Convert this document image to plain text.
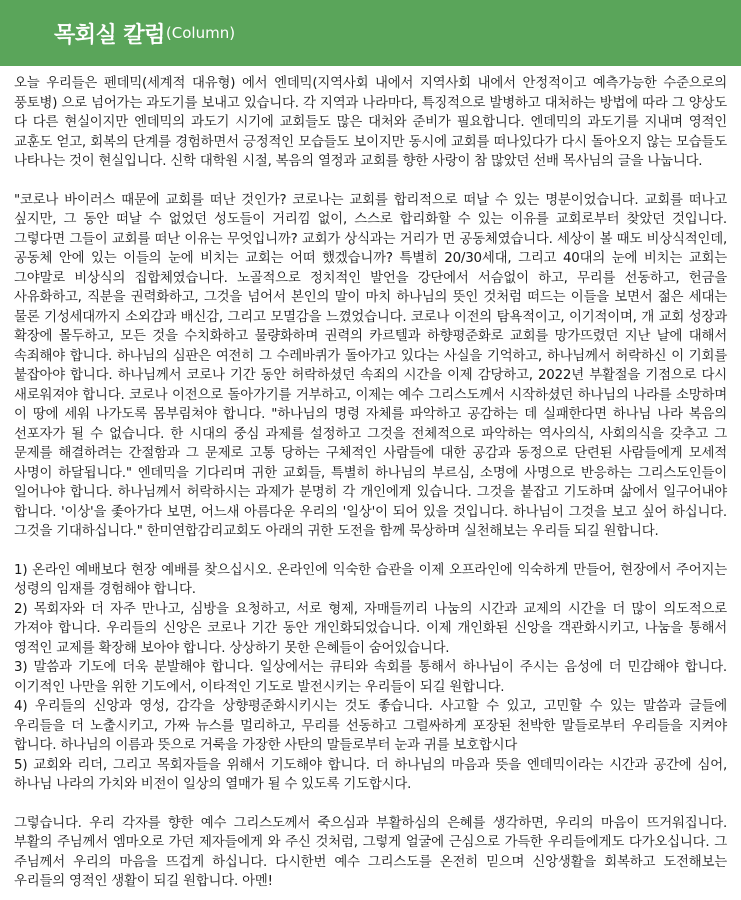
목회실 칼럼 (Column)

오늘 우리들은 펜데믹(세계적 대유형) 에서 엔데믹(지역사회 내에서 지역사회 내에서 안정적이고 예측가능한 수준으로의 풍토병) 으로 넘어가는 과도기를 보내고 있습니다. 각 지역과 나라마다, 특징적으로 발병하고 대처하는 방법에 따라 그 양상도 다 다른 현실이지만 엔데믹의 과도기 시기에 교회들도 많은 대처와 준비가 필요합니다. 엔데믹의 과도기를 지내며 영적인 교훈도 얻고, 회복의 단계를 경험하면서 긍정적인 모습들도 보이지만 동시에 교회를 떠나있다가 다시 돌아오지 않는 모습들도 나타나는 것이 현실입니다. 신학 대학원 시절, 복음의 열정과 교회를 향한 사랑이 참 많았던 선배 목사님의 글을 나눕니다.

"코로나 바이러스 때문에 교회를 떠난 것인가? 코로나는 교회를 합리적으로 떠날 수 있는 명분이었습니다. 교회를 떠나고 싶지만, 그 동안 떠날 수 없었던 성도들이 거리낌 없이, 스스로 합리화할 수 있는 이유를 교회로부터 찾았던 것입니다. 그렇다면 그들이 교회를 떠난 이유는 무엇입니까? 교회가 상식과는 거리가 먼 공동체였습니다. 세상이 볼 때도 비상식적인데, 공동체 안에 있는 이들의 눈에 비치는 교회는 어떠 했겠습니까? 특별히 20/30세대, 그리고 40대의 눈에 비치는 교회는 그야말로 비상식의 집합체였습니다. 노골적으로 정치적인 발언을 강단에서 서슴없이 하고, 무리를 선동하고, 헌금을 사유화하고, 직분을 권력화하고, 그것을 넘어서 본인의 말이 마치 하나님의 뜻인 것처럼 떠드는 이들을 보면서 젊은 세대는 물론 기성세대까지 소외감과 배신감, 그리고 모멸감을 느꼈었습니다. 코로나 이전의 탐욕적이고, 이기적이며, 개 교회 성장과 확장에 몰두하고, 모든 것을 수치화하고 물량화하며 권력의 카르텔과 하향평준화로 교회를 망가뜨렸던 지난 날에 대해서 속죄해야 합니다. 하나님의 심판은 여전히 그 수레바퀴가 돌아가고 있다는 사실을 기억하고, 하나님께서 허락하신 이 기회를 붙잡아야 합니다. 하나님께서 코로나 기간 동안 허락하셨던 속죄의 시간을 이제 감당하고, 2022년 부활절을 기점으로 다시 새로워져야 합니다. 코로나 이전으로 돌아가기를 거부하고, 이제는 예수 그리스도께서 시작하셨던 하나님의 나라를 소망하며 이 땅에 세워 나가도록 몸부림쳐야 합니다. "하나님의 명령 자체를 파악하고 공감하는 데 실패한다면 하나님 나라 복음의 선포자가 될 수 없습니다. 한 시대의 중심 과제를 설정하고 그것을 전체적으로 파악하는 역사의식, 사회의식을 갖추고 그 문제를 해결하려는 간절함과 그 문제로 고통 당하는 구체적인 사람들에 대한 공감과 동정으로 단련된 사람들에게 모세적 사명이 하달됩니다." 엔데믹을 기다리며 귀한 교회들, 특별히 하나님의 부르심, 소명에 사명으로 반응하는 그리스도인들이 일어나야 합니다. 하나님께서 허락하시는 과제가 분명히 각 개인에게 있습니다. 그것을 붙잡고 기도하며 삶에서 일구어내야 합니다. '이상'을 좇아가다 보면, 어느새 아름다운 우리의 '일상'이 되어 있을 것입니다. 하나님이 그것을 보고 싶어 하십니다. 그것을 기대하십니다." 한미연합감리교회도 아래의 귀한 도전을 함께 묵상하며 실천해보는 우리들 되길 원합니다.

1) 온라인 예배보다 현장 예배를 찾으십시오. 온라인에 익숙한 습관을 이제 오프라인에 익숙하게 만들어, 현장에서 주어지는 성령의 임재를 경험해야 합니다.

2) 목회자와 더 자주 만나고, 심방을 요청하고, 서로 형제, 자매들끼리 나눔의 시간과 교제의 시간을 더 많이 의도적으로 가져야 합니다. 우리들의 신앙은 코로나 기간 동안 개인화되었습니다. 이제 개인화된 신앙을 객관화시키고, 나눔을 통해서 영적인 교제를 확장해 보아야 합니다. 상상하기 못한 은혜들이 숨어있습니다.

3) 말씀과 기도에 더욱 분발해야 합니다. 일상에서는 큐티와 속회를 통해서 하나님이 주시는 음성에 더 민감해야 합니다. 이기적인 나만을 위한 기도에서, 이타적인 기도로 발전시키는 우리들이 되길 원합니다.

4) 우리들의 신앙과 영성, 감각을 상향평준화시키시는 것도 좋습니다. 사고할 수 있고, 고민할 수 있는 말씀과 글들에 우리들을 더 노출시키고, 가짜 뉴스를 멀리하고, 무리를 선동하고 그럴싸하게 포장된 천박한 말들로부터 우리들을 지켜야 합니다. 하나님의 이름과 뜻으로 거룩을 가장한 사탄의 말들로부터 눈과 귀를 보호합시다

5) 교회와 리더, 그리고 목회자들을 위해서 기도해야 합니다. 더 하나님의 마음과 뜻을 엔데믹이라는 시간과 공간에 심어, 하나님 나라의 가치와 비전이 일상의 열매가 될 수 있도록 기도합시다.

그렇습니다. 우리 각자를 향한 예수 그리스도께서 죽으심과 부활하심의 은혜를 생각하면, 우리의 마음이 뜨거워집니다. 부활의 주님께서 엠마오로 가던 제자들에게 와 주신 것처럼, 그렇게 얼굴에 근심으로 가득한 우리들에게도 다가오십니다. 그 주님께서 우리의 마음을 뜨겁게 하십니다. 다시한번 예수 그리스도를 온전히 믿으며 신앙생활을 회복하고 도전해보는 우리들의 영적인 생활이 되길 원합니다. 아멘!
